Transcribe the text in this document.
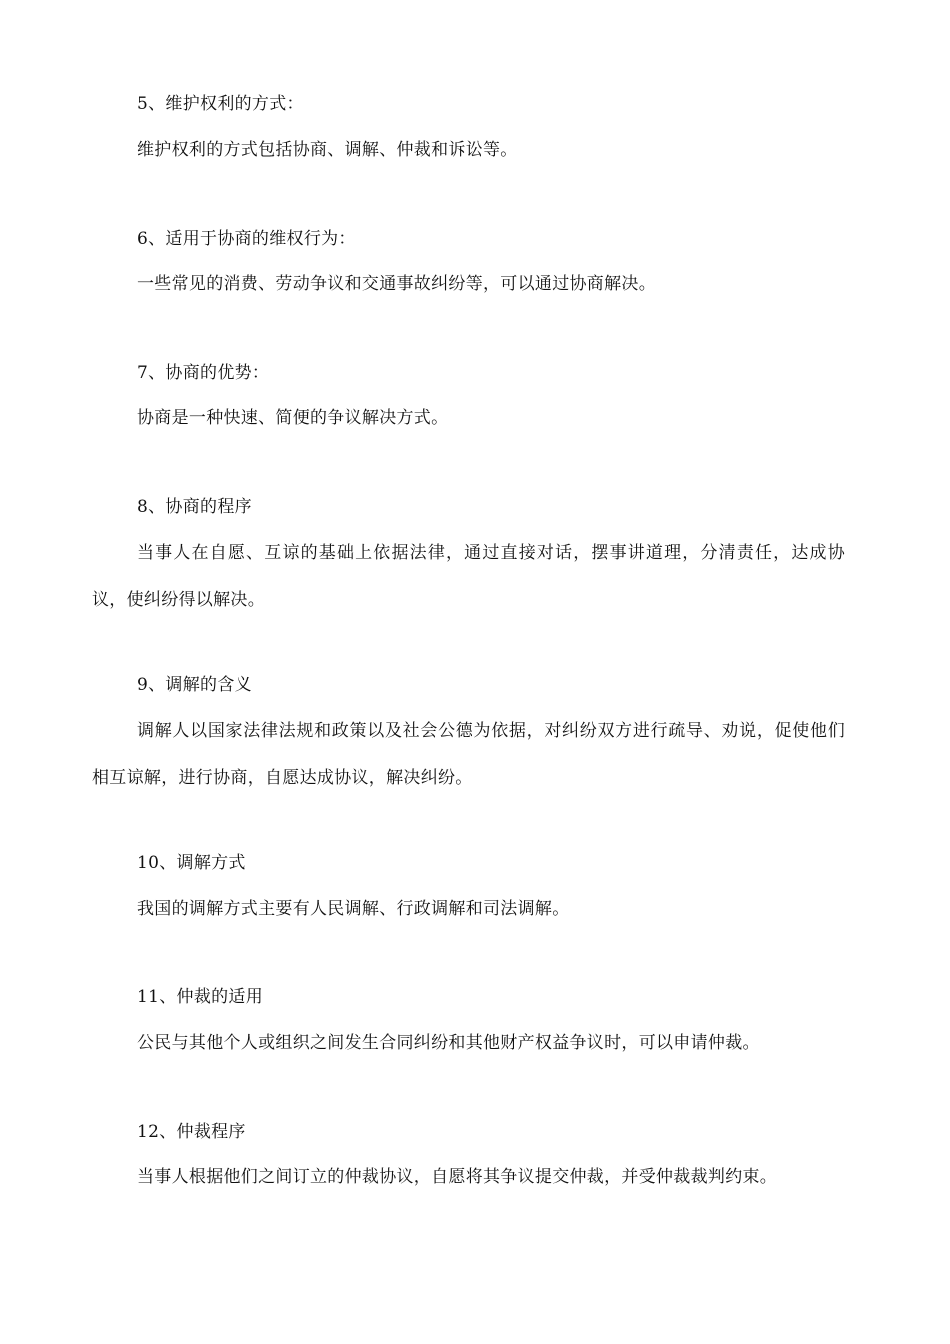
5、维护权利的方式：
维护权利的方式包括协商、调解、仲裁和诉讼等。
6、适用于协商的维权行为：
一些常见的消费、劳动争议和交通事故纠纷等，可以通过协商解决。
7、协商的优势：
协商是一种快速、简便的争议解决方式。
8、协商的程序
当事人在自愿、互谅的基础上依据法律，通过直接对话，摆事讲道理，分清责任，达成协议，使纠纷得以解决。
9、调解的含义
调解人以国家法律法规和政策以及社会公德为依据，对纠纷双方进行疏导、劝说，促使他们相互谅解，进行协商，自愿达成协议，解决纠纷。
10、调解方式
我国的调解方式主要有人民调解、行政调解和司法调解。
11、仲裁的适用
公民与其他个人或组织之间发生合同纠纷和其他财产权益争议时，可以申请仲裁。
12、仲裁程序
当事人根据他们之间订立的仲裁协议，自愿将其争议提交仲裁，并受仲裁裁判约束。
